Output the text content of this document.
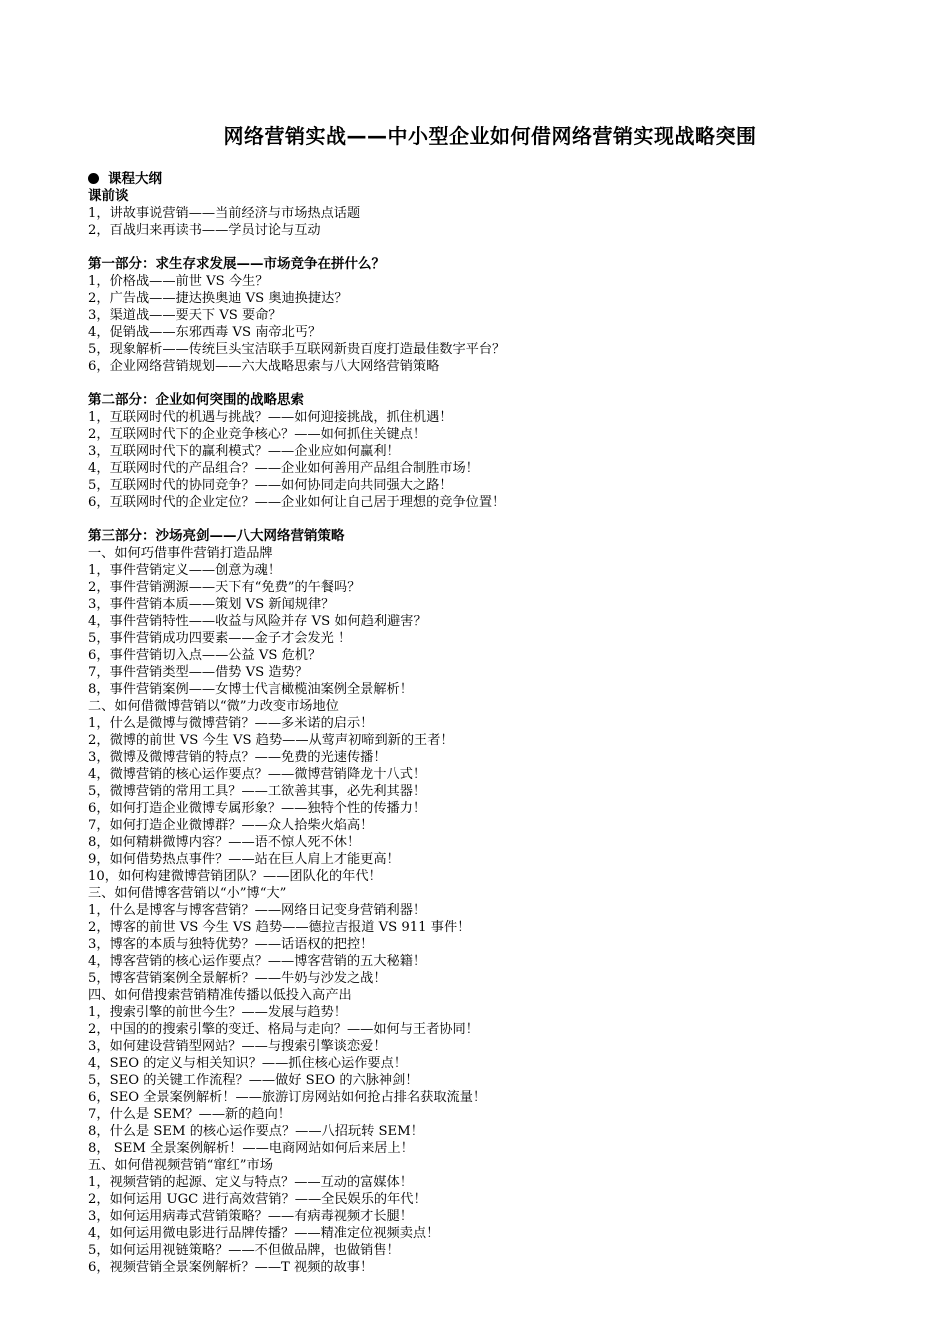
网络营销实战——中小型企业如何借网络营销实现战略突围
课程大纲
课前谈
1，讲故事说营销——当前经济与市场热点话题
2，百战归来再读书——学员讨论与互动
第一部分：求生存求发展——市场竞争在拼什么？
1，价格战——前世 VS 今生？
2，广告战——捷达换奥迪 VS 奥迪换捷达？
3，渠道战——要天下 VS 要命？
4，促销战——东邪西毒 VS 南帝北丐？
5，现象解析——传统巨头宝洁联手互联网新贵百度打造最佳数字平台？
6，企业网络营销规划——六大战略思索与八大网络营销策略
第二部分：企业如何突围的战略思索
1，互联网时代的机遇与挑战？——如何迎接挑战，抓住机遇！
2，互联网时代下的企业竞争核心？——如何抓住关键点！
3，互联网时代下的赢利模式？——企业应如何赢利！
4，互联网时代的产品组合？——企业如何善用产品组合制胜市场！
5，互联网时代的协同竞争？——如何协同走向共同强大之路！
6，互联网时代的企业定位？——企业如何让自己居于理想的竞争位置！
第三部分：沙场亮剑——八大网络营销策略
一、如何巧借事件营销打造品牌
1，事件营销定义——创意为魂！
2，事件营销溯源——天下有“免费”的午餐吗？
3，事件营销本质——策划 VS 新闻规律？
4，事件营销特性——收益与风险并存 VS 如何趋利避害？
5，事件营销成功四要素——金子才会发光 ！
6，事件营销切入点——公益 VS 危机？
7，事件营销类型——借势 VS 造势？
8，事件营销案例——女博士代言橄榄油案例全景解析！
二、如何借微博营销以“微”力改变市场地位
1，什么是微博与微博营销？——多米诺的启示！
2，微博的前世 VS 今生 VS 趋势——从莺声初啼到新的王者！
3，微博及微博营销的特点？——免费的光速传播！
4，微博营销的核心运作要点？——微博营销降龙十八式！
5，微博营销的常用工具？——工欲善其事，必先利其器！
6，如何打造企业微博专属形象？——独特个性的传播力！
7，如何打造企业微博群？——众人拾柴火焰高！
8，如何精耕微博内容？——语不惊人死不休！
9，如何借势热点事件？——站在巨人肩上才能更高！
10，如何构建微博营销团队？——团队化的年代！
三、如何借博客营销以“小”博“大”
1，什么是博客与博客营销？——网络日记变身营销利器！
2，博客的前世 VS 今生 VS 趋势——德拉吉报道 VS 911 事件！
3，博客的本质与独特优势？——话语权的把控！
4，博客营销的核心运作要点？——博客营销的五大秘籍！
5，博客营销案例全景解析？——牛奶与沙发之战！
四、如何借搜索营销精准传播以低投入高产出
1，搜索引擎的前世今生？——发展与趋势！
2，中国的的搜索引擎的变迁、格局与走向？——如何与王者协同！
3，如何建设营销型网站？——与搜索引擎谈恋爱！
4，SEO 的定义与相关知识？——抓住核心运作要点！
5，SEO 的关键工作流程？——做好 SEO 的六脉神剑！
6，SEO 全景案例解析！——旅游订房网站如何抢占排名获取流量！
7，什么是 SEM？——新的趋向！
8，什么是 SEM 的核心运作要点？——八招玩转 SEM！
8， SEM 全景案例解析！——电商网站如何后来居上！
五、如何借视频营销“窜红”市场
1，视频营销的起源、定义与特点？——互动的富媒体！
2，如何运用 UGC 进行高效营销？——全民娱乐的年代！
3，如何运用病毒式营销策略？——有病毒视频才长腿！
4，如何运用微电影进行品牌传播？——精准定位视频卖点！
5，如何运用视链策略？——不但做品牌，也做销售！
6，视频营销全景案例解析？——T 视频的故事！
